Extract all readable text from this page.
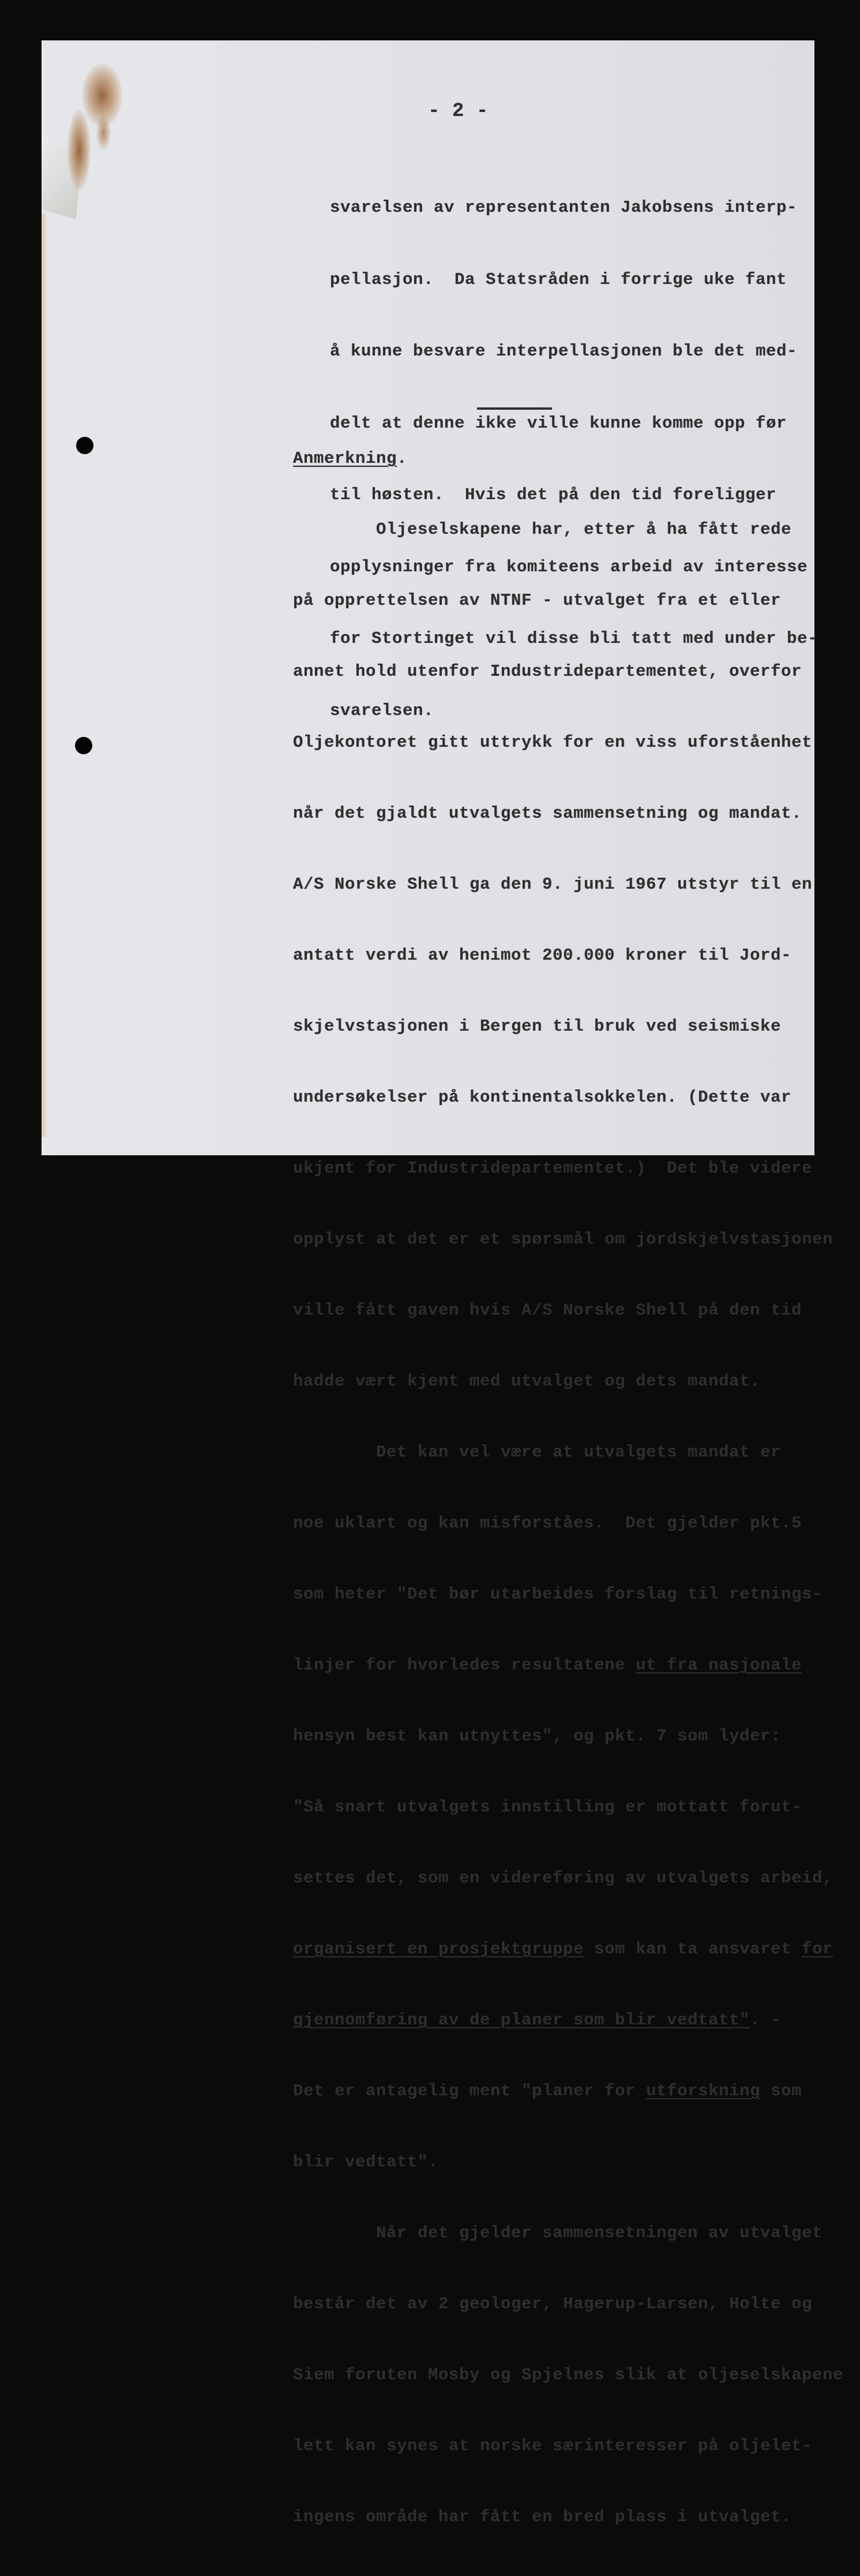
- 2 -

svarelsen av representanten Jakobsens interp-

pellasjon.  Da Statsråden i forrige uke fant

å kunne besvare interpellasjonen ble det med-

delt at denne ikke ville kunne komme opp før

til høsten.  Hvis det på den tid foreligger

opplysninger fra komiteens arbeid av interesse

for Stortinget vil disse bli tatt med under be-

svarelsen.

Anmerkning.

Oljeselskapene har, etter å ha fått rede

på opprettelsen av NTNF - utvalget fra et eller

annet hold utenfor Industridepartementet, overfor

Oljekontoret gitt uttrykk for en viss uforståenhet

når det gjaldt utvalgets sammensetning og mandat.

A/S Norske Shell ga den 9. juni 1967 utstyr til en

antatt verdi av henimot 200.000 kroner til Jord-

skjelvstasjonen i Bergen til bruk ved seismiske

undersøkelser på kontinentalsokkelen. (Dette var

ukjent for Industridepartementet.)  Det ble videre

opplyst at det er et spørsmål om jordskjelvstasjonen

ville fått gaven hvis A/S Norske Shell på den tid

hadde vært kjent med utvalget og dets mandat.

Det kan vel være at utvalgets mandat er

noe uklart og kan misforståes.  Det gjelder pkt.5

som heter "Det bør utarbeides forslag til retnings-

linjer for hvorledes resultatene ut fra nasjonale

hensyn best kan utnyttes", og pkt. 7 som lyder:

"Så snart utvalgets innstilling er mottatt forut-

settes det, som en videreføring av utvalgets arbeid,

organisert en prosjektgruppe som kan ta ansvaret for

gjennomføring av de planer som blir vedtatt". -

Det er antagelig ment "planer for utforskning som

blir vedtatt".

Når det gjelder sammensetningen av utvalget

består det av 2 geologer, Hagerup-Larsen, Holte og

Siem foruten Mosby og Spjelnes slik at oljeselskapene

lett kan synes at norske særinteresser på oljelet-

ingens område har fått en bred plass i utvalget.
